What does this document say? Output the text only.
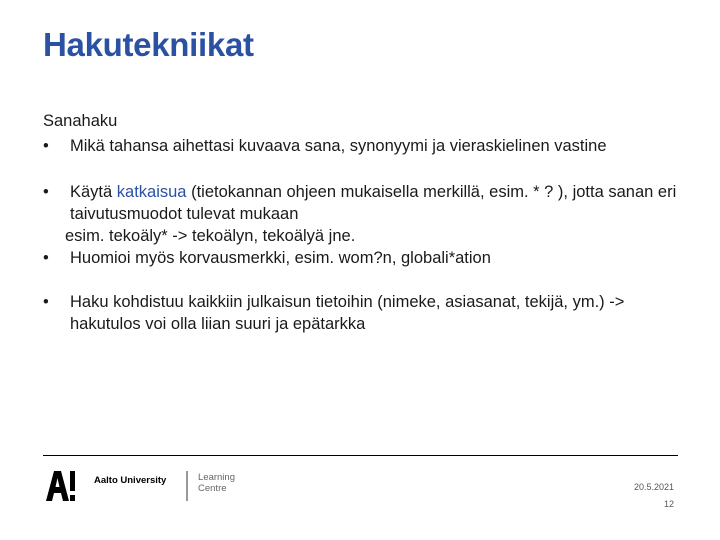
Hakutekniikat

Sanahaku

• Mikä tahansa aihettasi kuvaava sana, synonyymi ja vieraskielinen vastine
• Käytä katkaisua (tietokannan ohjeen mukaisella merkillä, esim. * ? ), jotta sanan eri taivutusmuodot tulevat mukaan

esim. tekoäly* -> tekoälyn, tekoälyä jne.

• Huomioi myös korvausmerkki, esim. wom?n, globali*ation
• Haku kohdistuu kaikkiin julkaisun tietoihin (nimeke, asiasanat, tekijä, ym.) -> hakutulos voi olla liian suuri ja epätarkka
Aalto University	Learning
Centre	20.5.2021
12
